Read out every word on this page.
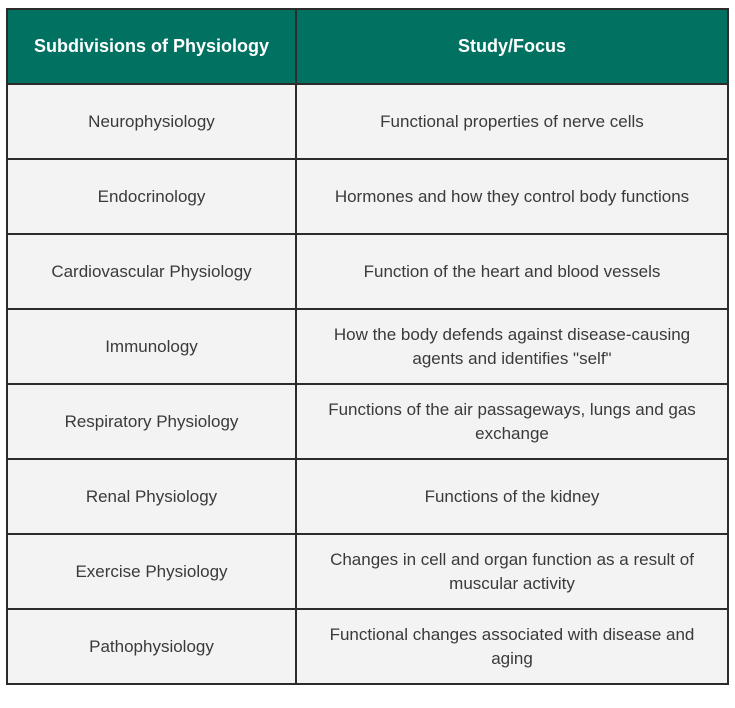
Subdivisions of Physiology	Study/Focus
Neurophysiology	Functional properties of nerve cells
Endocrinology	Hormones and how they control body functions
Cardiovascular Physiology	Function of the heart and blood vessels
Immunology	How the body defends against disease-causing agents and identifies "self"
Respiratory Physiology	Functions of the air passageways, lungs and gas exchange
Renal Physiology	Functions of the kidney
Exercise Physiology	Changes in cell and organ function as a result of muscular activity
Pathophysiology	Functional changes associated with disease and aging
